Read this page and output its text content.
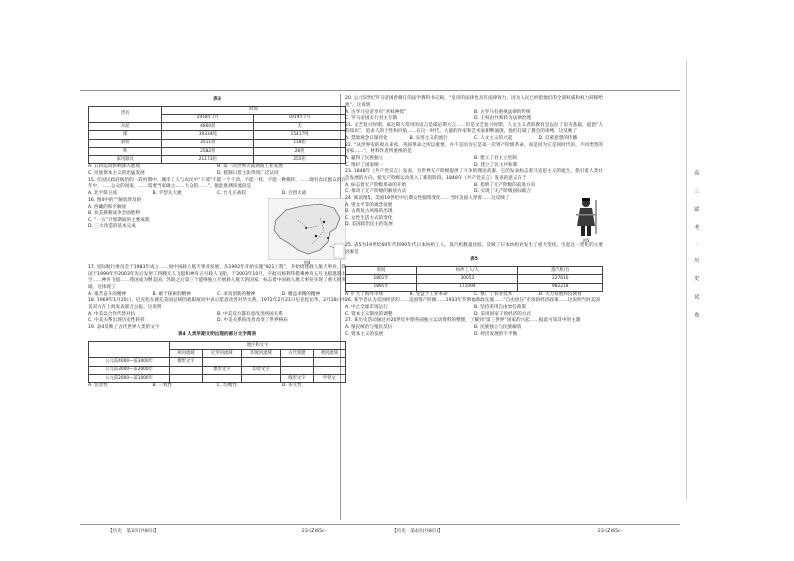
表3
货名	时间	
	1918年7月	1919年7月
水泥	4800担	无
煤	39334吨	15417吨
斜铁	3511担	118担
铁	2582担	28担
家用器具	21173担	255担
A. 五四运动影响深入展现	B. 第一次世界大战期间工业发展
C. 民族资本主义的迅猛发展	D. 抵制日货主张得到广泛认同
15. 在国民政府统治的一段时期中，城市工人与农民中“干部”不能一个干劲，不能一样，不能一种模样，……现有农民群众的百年中，……公众的国家，……需要当家做主……大众的……”。据此推测该流段是
A. 北平保卫战	B. 平型关大捷	C. 台儿庄战役	D. 百团大战
16. 图4中的“”解放涉及的
A. 西藏的和平解放
B. 抗美援朝战争全面胜利
C. “一五”计划期间的主要成就
D. 三大改造的基本完成
图4
17. 星际航行委员会于1983年成立……国中国载人航天事业发展，从1992年开始实施“921工程”，开始组建载人航天事业，我国于1999年至2003年先后发射了四艘无人飞船和神舟五号载人飞船，于2003年10月，宇航员杨利伟搭乘神舟五号飞船遨游太空……神舟飞船……我国成为继美国、苏联之后第三个能够独立开展载人航天的国家，标志着中国载人航天事业实现了重大的突破。这体现了
A. 艰苦奋斗的精神	B. 敢于探索的精神	C. 求真创新的精神	D. 精益求精的精神
18. 1969年1月20日，尼克松在就任美国总统的就职演说中表示愿意改善对华关系。1972年2月21日尼克松访华，2月28日中美双方在上海发表联合公报。这说明
A. 中美以合作代替对抗	B. 中美双方都有意改善两国关系
C. 中美关系出现历史性转折	D. 中美关系的改善改变了世界格局
19. 表4反映了古代世界人类的文字
表4 人类早期文明出现的部分文字简表
	地区和文字				
	两河流域	尼罗河流域	印度河流域	古代希腊	黄河流域
公元前4000—前3000年	楔形文字				
公元前3000—前2000年		象形文字	印章文字		
公元前2000—前1000年				线形文字	甲骨文
A. 包容性	B. 一致性	C. 均衡性	D. 多元性
20. 公元5世纪罗马帝国曾修订的法学教科书记载，“皇帝的法律也具有法律效力，因为人民已经把他们的全部权威和权力转移给他”。这说明
A. 古罗马皇帝享有“君权神授”	B. 古罗马有重视法律的传统
C. 罗马帝国实行君主专制	D. 王权由共和转为法律治理
21. 文艺复兴时期，威尼斯人常用的语言是威尼斯方言……但是文艺复兴时期，人文主义者的教育是以拉丁语为基础，提倡“人的知识”，追求人的个性和价值……在这一时代，大量的作家和艺术家相继涌现，他们打破了教会的束缚，这反映了
A. 禁欲观念日渐淡化	B. 实用主义的流行	C. 人文主义的兴起	D. 启蒙思想的传播
22. “从世界史的观点来看，英国革命之所以重要，并不是因为它是第一次资产阶级革命，而是因为它是同时代的、不同类型的国家……”，材料作者所重视的是
A. 赢得了民族独立	B. 建立了君主立宪制
C. 维护了国家统一	D. 建立了民主共和制
23. 1848年《共产党宣言》发表，为世界无产阶级提供了斗争的理论武器，它的发表标志着马克思主义的诞生，指引着人类社会发展的方向，使无产阶级运动进入了新的阶段。1848年《共产党宣言》发表的意义在于
A. 标志着无产阶级革命的开始	B. 指明了无产阶级的前进方向
C. 推动了无产阶级的解放方式	D. 实现了无产阶级国际联合
24. 阅读图5，美国19世纪中后期女性服饰变化……当时美国人穿着……这反映了
A. 男女平等的观念发展
B. 古典复古风格的出现
C. 女性生活方式的变化
D. 美国政治民主的发展
图5
25. 表5为19世纪60年代和90年代日本纺织工人、蒸汽机数量比较，反映了日本纺织业发生了重大变化。引起这一变化的主要因素是
表5
时间	纺纱工人/人	蒸汽机/台
1861年	30053	227610
1891年	171094	982218
A. 扩大了海外市场	B. 受益于工业革命	C. 推广了农业技术	D. 大力发展科技教育
26. 某学者认为美国经济的……美国资产阶级……1933年罗斯福新政实施……“自由放任”市场的经济政策……这说明当时美国
A. 中止全球市场运行	B. 坚持采用自由放任政策
C. 资本主义制度的调整	D. 采用国家干预经济的方式
27. 某历史活动通过对20世纪中期各国独立运动资料的整理，了解到“第三世界”国家的兴起……据此可知其中的主题
A. 殖民统治与殖民反抗	B. 民族独立与民族解放
C. 资本主义的发展	D. 经济发展的不平衡
高三联考·历史试卷
【历史　第3页(共8页)】	·23-(Z)65c·	【历史　第4页(共8页)】	·23-(Z)65c·
